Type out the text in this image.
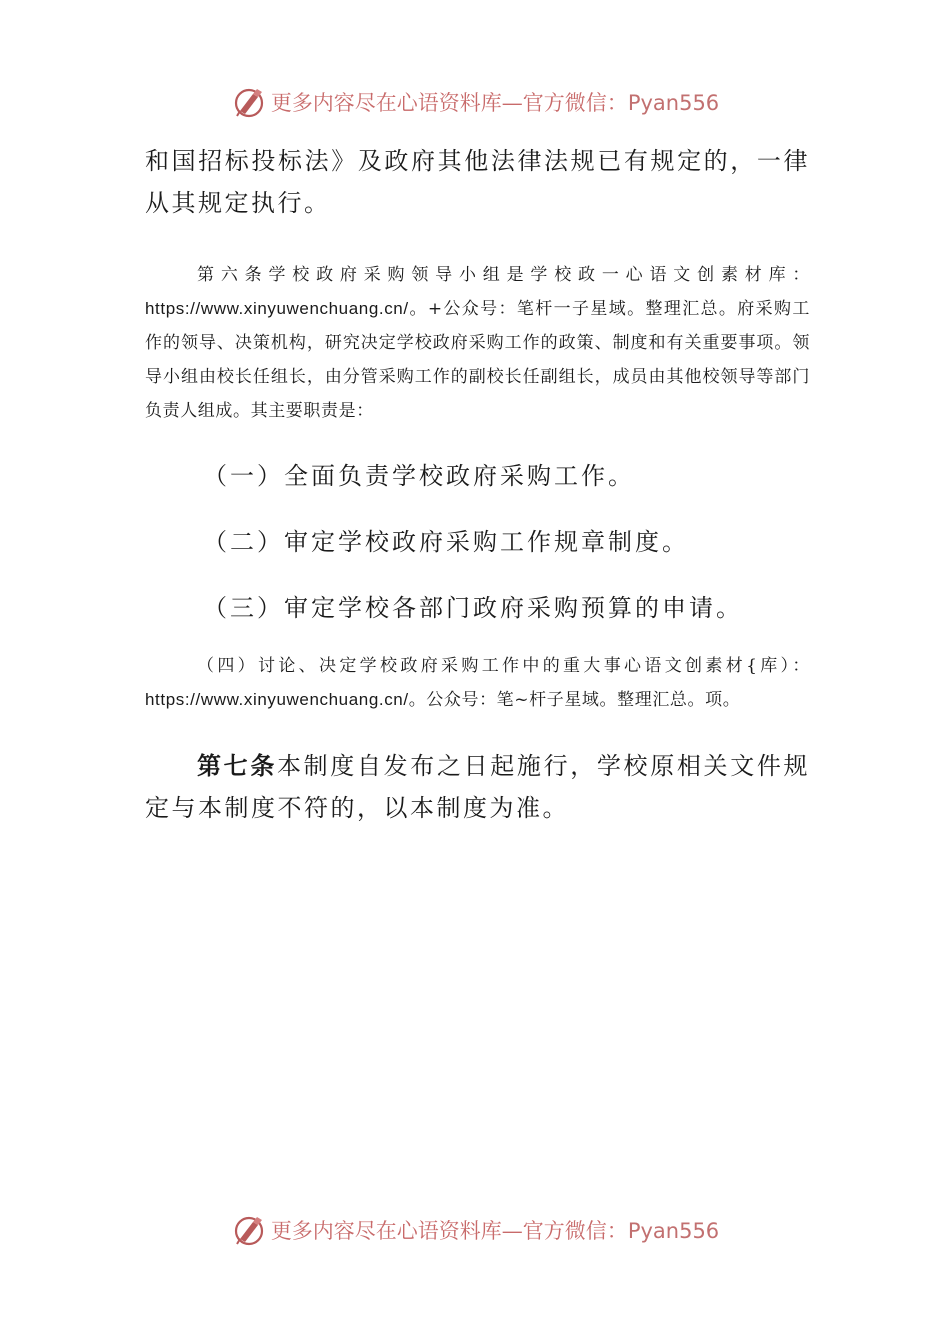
更多内容尽在心语资料库—官方微信：Pyan556

和国招标投标法》及政府其他法律法规已有规定的，一律从其规定执行。

第六条学校政府采购领导小组是学校政一心语文创素材库：https://www.xinyuwenchuang.cn/。+公众号：笔杆一子星域。整理汇总。府采购工作的领导、决策机构，研究决定学校政府采购工作的政策、制度和有关重要事项。领导小组由校长任组长，由分管采购工作的副校长任副组长，成员由其他校领导等部门负责人组成。其主要职责是：

（一）全面负责学校政府采购工作。

（二）审定学校政府采购工作规章制度。

（三）审定学校各部门政府采购预算的申请。

（四）讨论、决定学校政府采购工作中的重大事心语文创素材{库）：https://www.xinyuwenchuang.cn/。公众号：笔~杆子星域。整理汇总。项。

第七条本制度自发布之日起施行，学校原相关文件规定与本制度不符的，以本制度为准。

更多内容尽在心语资料库—官方微信：Pyan556
